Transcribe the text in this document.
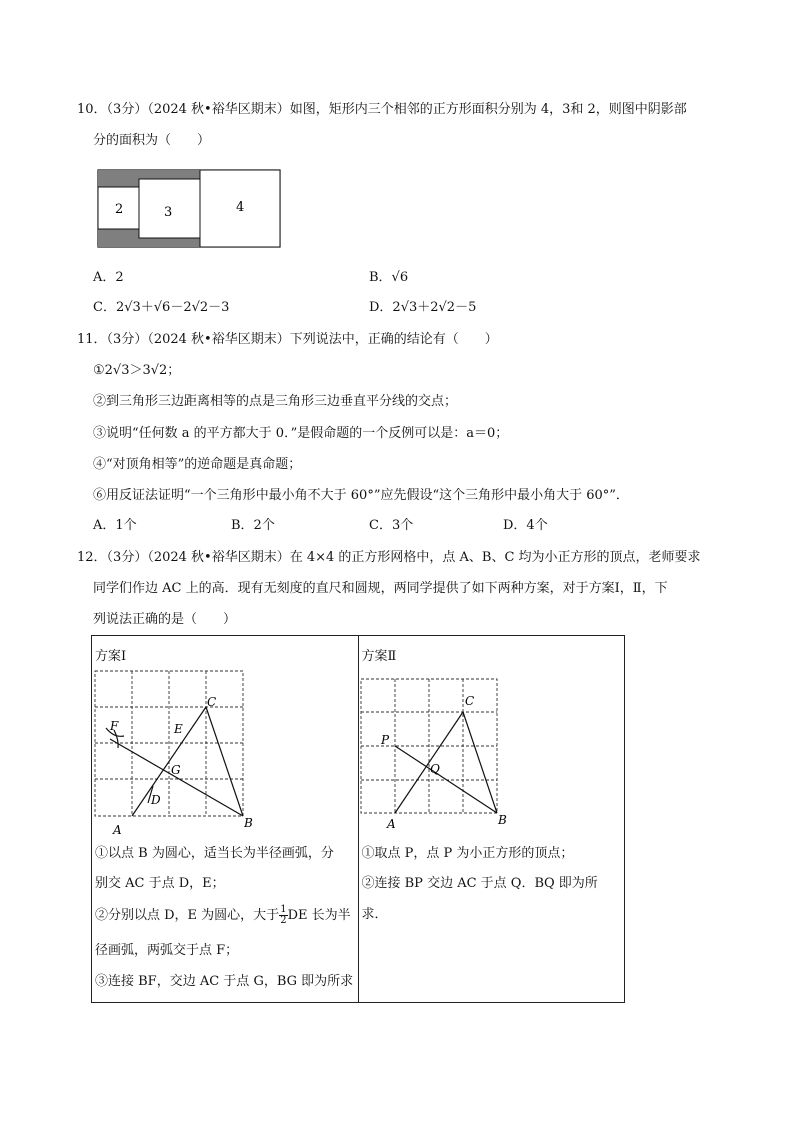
10．（3分）（2024 秋•裕华区期末）如图，矩形内三个相邻的正方形面积分别为 4，3和 2，则图中阴影部
分的面积为（　　）
2	3	4
A．2	B．√6
C．2√3＋√6－2√2－3	D．2√3＋2√2－5
11．（3分）（2024 秋•裕华区期末）下列说法中，正确的结论有（　　）
①2√3＞3√2；
②到三角形三边距离相等的点是三角形三边垂直平分线的交点；
③说明“任何数 a 的平方都大于 0．”是假命题的一个反例可以是：a＝0；
④“对顶角相等”的逆命题是真命题；
⑥用反证法证明“一个三角形中最小角不大于 60°”应先假设“这个三角形中最小角大于 60°”．
A．1个	B．2个	C．3个	D．4个
12．（3分）（2024 秋•裕华区期末）在 4×4 的正方形网格中，点 A、B、C 均为小正方形的顶点，老师要求
同学们作边 AC 上的高．现有无刻度的直尺和圆规，两同学提供了如下两种方案，对于方案Ⅰ，Ⅱ，下
列说法正确的是（　　）
方案Ⅰ
A	B
C
D
E
F
G
①以点 B 为圆心，适当长为半径画弧，分
别交 AC 于点 D，E；
②分别以点 D，E 为圆心，大于 $\frac{1}{2}$ DE 长为半
径画弧，两弧交于点 F；
③连接 BF，交边 AC 于点 G，BG 即为所求

方案Ⅱ
A	B
C
P
Q
①取点 P，点 P 为小正方形的顶点；
②连接 BP 交边 AC 于点 Q．BQ 即为所
求．
